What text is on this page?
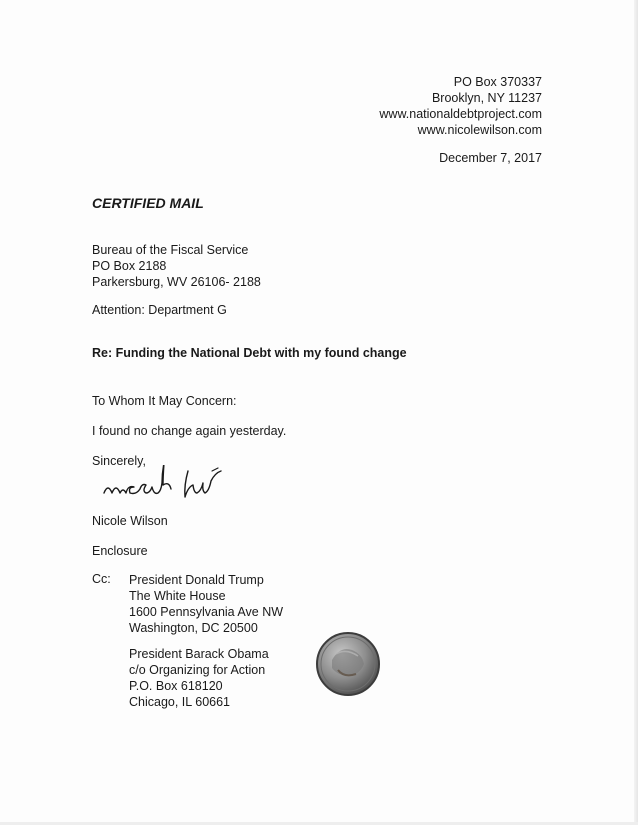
PO Box 370337
Brooklyn, NY 11237
www.nationaldebtproject.com
www.nicolewilson.com
December 7, 2017
CERTIFIED MAIL
Bureau of the Fiscal Service
PO Box 2188
Parkersburg, WV 26106- 2188
Attention: Department G
Re: Funding the National Debt with my found change
To Whom It May Concern:
I found no change again yesterday.
Sincerely,
Nicole Wilson
Enclosure
Cc: President Donald Trump
The White House
1600 Pennsylvania Ave NW
Washington, DC 20500
President Barack Obama
c/o Organizing for Action
P.O. Box 618120
Chicago, IL 60661
